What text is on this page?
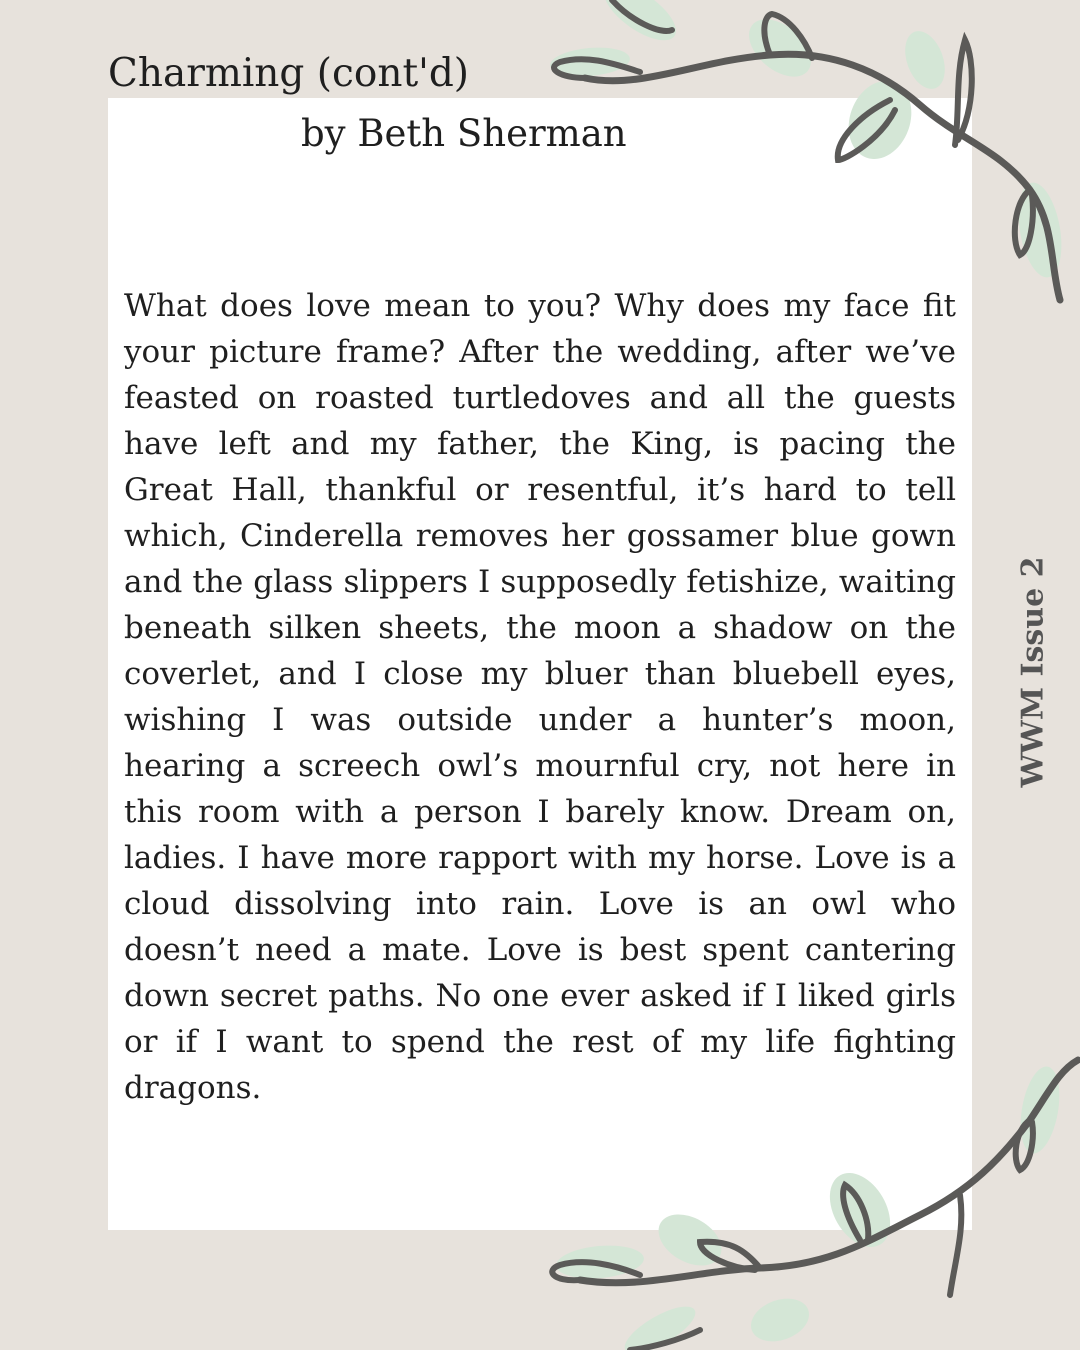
Charming (cont'd)
by Beth Sherman

What does love mean to you? Why does my face fit your picture frame? After the wedding, after we’ve feasted on roasted turtledoves and all the guests have left and my father, the King, is pacing the Great Hall, thankful or resentful, it’s hard to tell which, Cinderella removes her gossamer blue gown and the glass slippers I supposedly fetishize, waiting beneath silken sheets, the moon a shadow on the coverlet, and I close my bluer than bluebell eyes, wishing I was outside under a hunter’s moon, hearing a screech owl’s mournful cry, not here in this room with a person I barely know. Dream on, ladies. I have more rapport with my horse. Love is a cloud dissolving into rain. Love is an owl who doesn’t need a mate. Love is best spent cantering down secret paths. No one ever asked if I liked girls or if I want to spend the rest of my life fighting dragons.

WWM Issue 2
